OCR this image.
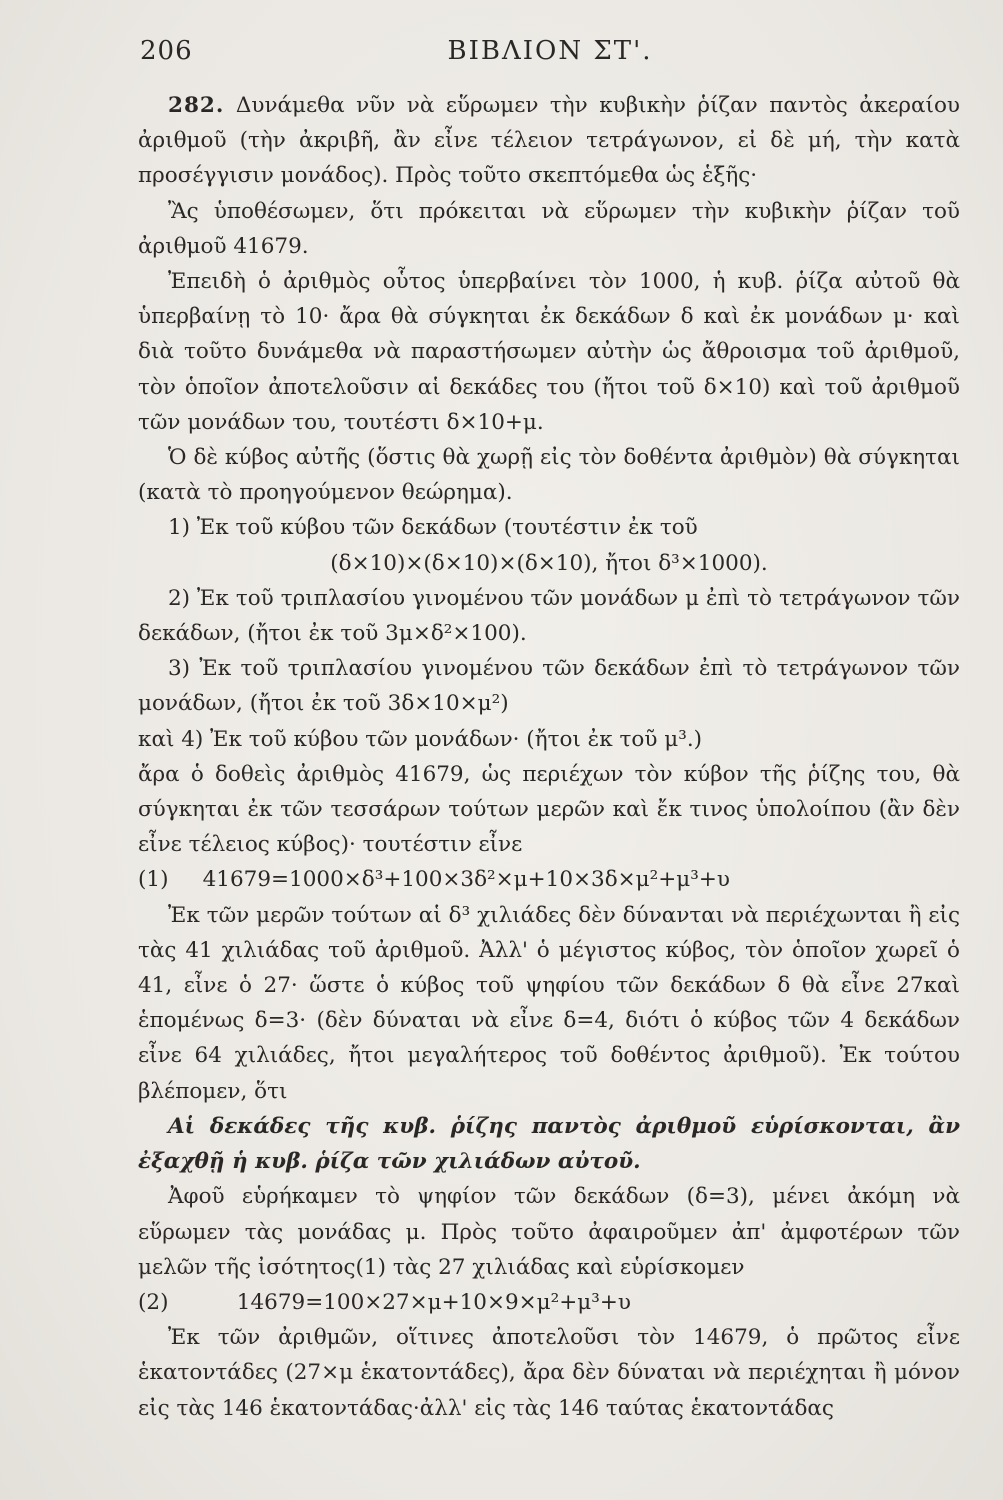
206	ΒΙΒΛΙΟΝ ΣΤ'.

282. Δυνάμεθα νῦν νὰ εὕρωμεν τὴν κυβικὴν ῥίζαν παντὸς ἀκεραίου ἀριθμοῦ (τὴν ἀκριβῆ, ἂν εἶνε τέλειον τετράγωνον, εἰ δὲ μή, τὴν κατὰ προσέγγισιν μονάδος). Πρὸς τοῦτο σκεπτόμεθα ὡς ἑξῆς·

Ἂς ὑποθέσωμεν, ὅτι πρόκειται νὰ εὕρωμεν τὴν κυβικὴν ῥίζαν τοῦ ἀριθμοῦ 41679.

Ἐπειδὴ ὁ ἀριθμὸς οὗτος ὑπερβαίνει τὸν 1000, ἡ κυβ. ῥίζα αὐτοῦ θὰ ὑπερβαίνῃ τὸ 10· ἄρα θὰ σύγκηται ἐκ δεκάδων δ καὶ ἐκ μονάδων μ· καὶ διὰ τοῦτο δυνάμεθα νὰ παραστήσωμεν αὐτὴν ὡς ἄθροισμα τοῦ ἀριθμοῦ, τὸν ὁποῖον ἀποτελοῦσιν αἱ δεκάδες του (ἤτοι τοῦ δ×10) καὶ τοῦ ἀριθμοῦ τῶν μονάδων του, τουτέστι δ×10+μ.

Ὁ δὲ κύβος αὐτῆς (ὅστις θὰ χωρῇ εἰς τὸν δοθέντα ἀριθμὸν) θὰ σύγκηται (κατὰ τὸ προηγούμενον θεώρημα).

1) Ἐκ τοῦ κύβου τῶν δεκάδων (τουτέστιν ἐκ τοῦ

(δ×10)×(δ×10)×(δ×10), ἤτοι δ³×1000).

2) Ἐκ τοῦ τριπλασίου γινομένου τῶν μονάδων μ ἐπὶ τὸ τετράγωνον τῶν δεκάδων, (ἤτοι ἐκ τοῦ 3μ×δ²×100).

3) Ἐκ τοῦ τριπλασίου γινομένου τῶν δεκάδων ἐπὶ τὸ τετράγωνον τῶν μονάδων, (ἤτοι ἐκ τοῦ 3δ×10×μ²)

καὶ 4) Ἐκ τοῦ κύβου τῶν μονάδων· (ἤτοι ἐκ τοῦ μ³.)

ἄρα ὁ δοθεὶς ἀριθμὸς 41679, ὡς περιέχων τὸν κύβον τῆς ῥίζης του, θὰ σύγκηται ἐκ τῶν τεσσάρων τούτων μερῶν καὶ ἔκ τινος ὑπολοίπου (ἂν δὲν εἶνε τέλειος κύβος)· τουτέστιν εἶνε

(1)     41679=1000×δ³+100×3δ²×μ+10×3δ×μ²+μ³+υ

Ἐκ τῶν μερῶν τούτων αἱ δ³ χιλιάδες δὲν δύνανται νὰ περιέχωνται ἢ εἰς τὰς 41 χιλιάδας τοῦ ἀριθμοῦ. Ἀλλ' ὁ μέγιστος κύβος, τὸν ὁποῖον χωρεῖ ὁ 41, εἶνε ὁ 27· ὥστε ὁ κύβος τοῦ ψηφίου τῶν δεκάδων δ θὰ εἶνε 27καὶ ἑπομένως δ=3· (δὲν δύναται νὰ εἶνε δ=4, διότι ὁ κύβος τῶν 4 δεκάδων εἶνε 64 χιλιάδες, ἤτοι μεγαλήτερος τοῦ δοθέντος ἀριθμοῦ). Ἐκ τούτου βλέπομεν, ὅτι

Αἱ δεκάδες τῆς κυβ. ῥίζης παντὸς ἀριθμοῦ εὑρίσκονται, ἂν ἐξαχθῇ ἡ κυβ. ῥίζα τῶν χιλιάδων αὐτοῦ.

Ἀφοῦ εὑρήκαμεν τὸ ψηφίον τῶν δεκάδων (δ=3), μένει ἀκόμη νὰ εὕρωμεν τὰς μονάδας μ. Πρὸς τοῦτο ἀφαιροῦμεν ἀπ' ἀμφοτέρων τῶν μελῶν τῆς ἰσότητος(1) τὰς 27 χιλιάδας καὶ εὑρίσκομεν

(2)          14679=100×27×μ+10×9×μ²+μ³+υ

Ἐκ τῶν ἀριθμῶν, οἵτινες ἀποτελοῦσι τὸν 14679, ὁ πρῶτος εἶνε ἑκατοντάδες (27×μ ἑκατοντάδες), ἄρα δὲν δύναται νὰ περιέχηται ἢ μόνον εἰς τὰς 146 ἑκατοντάδας·ἀλλ' εἰς τὰς 146 ταύτας ἑκατοντάδας
